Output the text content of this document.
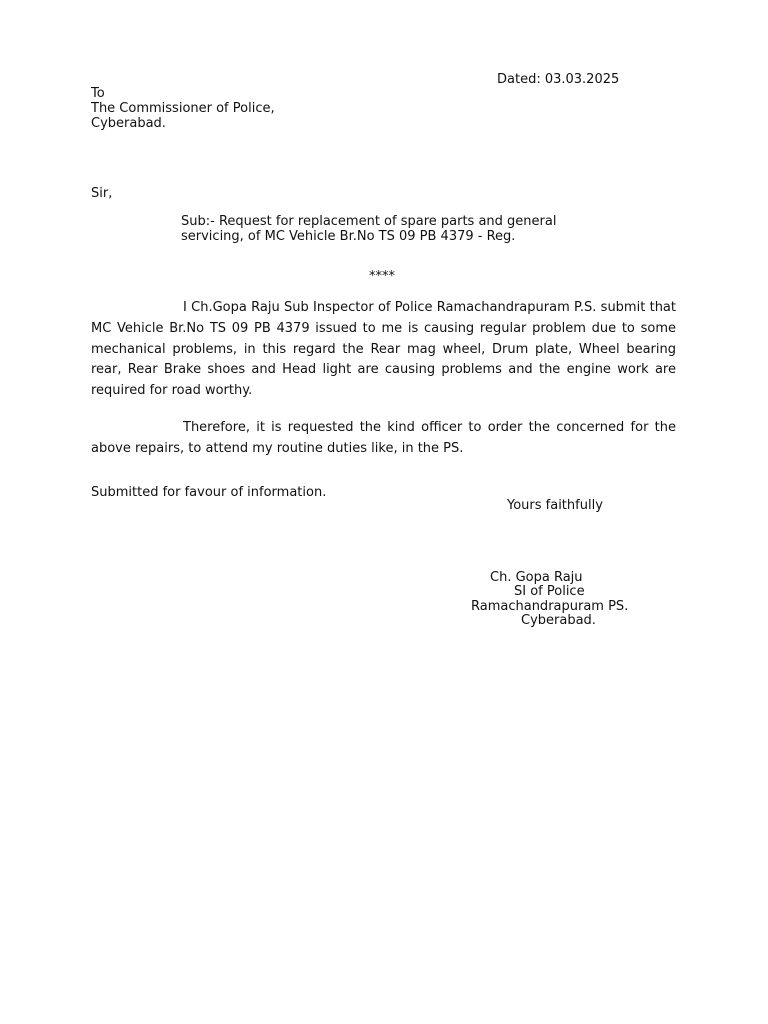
Dated: 03.03.2025
To
The Commissioner of Police,
Cyberabad.
Sir,
Sub:- Request for replacement of spare parts and general
servicing, of MC Vehicle Br.No TS 09 PB 4379 - Reg.
****

I Ch.Gopa Raju Sub Inspector of Police Ramachandrapuram P.S. submit that MC Vehicle Br.No TS 09 PB 4379 issued to me is causing regular problem due to some mechanical problems, in this regard the Rear mag wheel, Drum plate, Wheel bearing rear, Rear Brake shoes and Head light are causing problems and the engine work are required for road worthy.

Therefore, it is requested the kind officer to order the concerned for the above repairs, to attend my routine duties like, in the PS.

Submitted for favour of information.
Yours faithfully
Ch. Gopa Raju
SI of Police
Ramachandrapuram PS.
Cyberabad.
